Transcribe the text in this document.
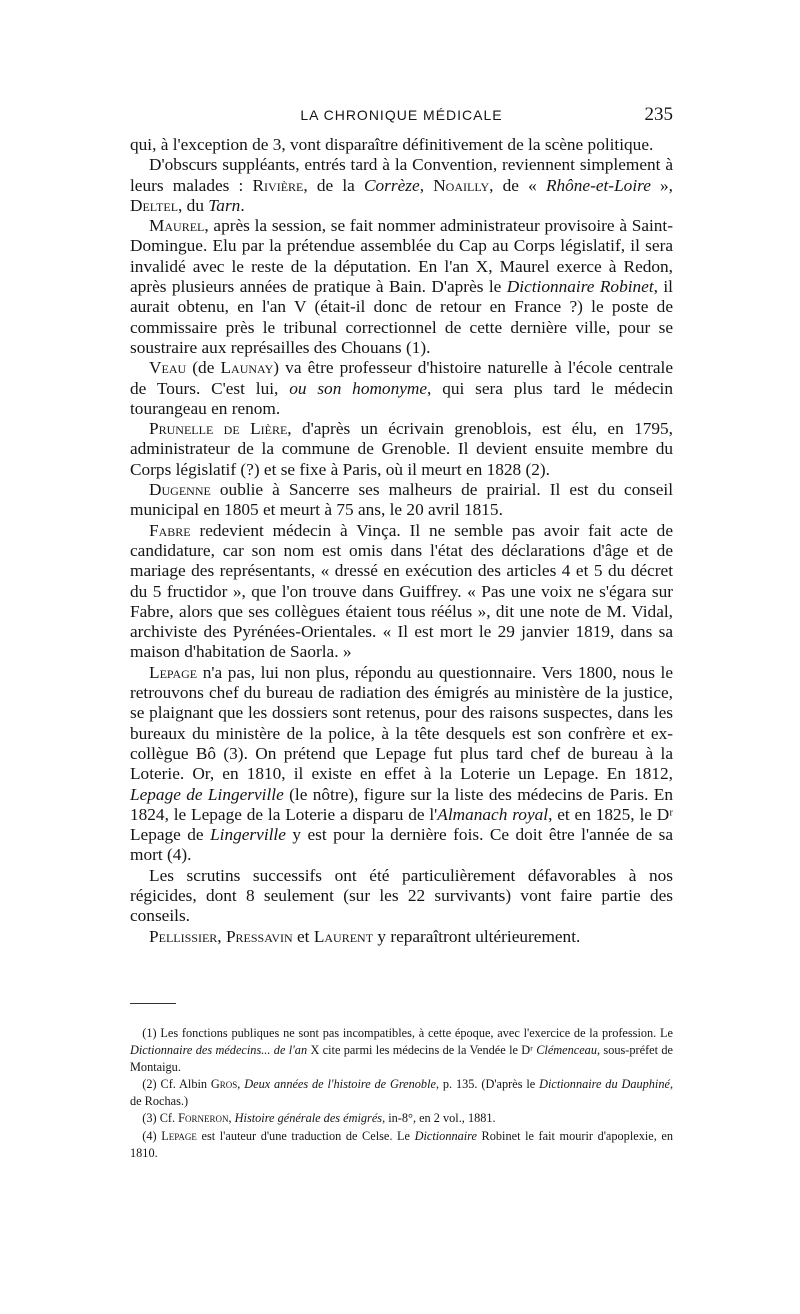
LA CHRONIQUE MÉDICALE	235

qui, à l'exception de 3, vont disparaître définitivement de la scène politique.

D'obscurs suppléants, entrés tard à la Convention, reviennent simplement à leurs malades : Rivière, de la Corrèze, Noailly, de « Rhône-et-Loire », Deltel, du Tarn.

Maurel, après la session, se fait nommer administrateur provisoire à Saint-Domingue. Elu par la prétendue assemblée du Cap au Corps législatif, il sera invalidé avec le reste de la députation. En l'an X, Maurel exerce à Redon, après plusieurs années de pratique à Bain. D'après le Dictionnaire Robinet, il aurait obtenu, en l'an V (était-il donc de retour en France ?) le poste de commissaire près le tribunal correctionnel de cette dernière ville, pour se soustraire aux représailles des Chouans (1).

Veau (de Launay) va être professeur d'histoire naturelle à l'école centrale de Tours. C'est lui, ou son homonyme, qui sera plus tard le médecin tourangeau en renom.

Prunelle de Lière, d'après un écrivain grenoblois, est élu, en 1795, administrateur de la commune de Grenoble. Il devient ensuite membre du Corps législatif (?) et se fixe à Paris, où il meurt en 1828 (2).

Dugenne oublie à Sancerre ses malheurs de prairial. Il est du conseil municipal en 1805 et meurt à 75 ans, le 20 avril 1815.

Fabre redevient médecin à Vinça. Il ne semble pas avoir fait acte de candidature, car son nom est omis dans l'état des déclarations d'âge et de mariage des représentants, « dressé en exécution des articles 4 et 5 du décret du 5 fructidor », que l'on trouve dans Guiffrey. « Pas une voix ne s'égara sur Fabre, alors que ses collègues étaient tous réélus », dit une note de M. Vidal, archiviste des Pyrénées-Orientales. « Il est mort le 29 janvier 1819, dans sa maison d'habitation de Saorla. »

Lepage n'a pas, lui non plus, répondu au questionnaire. Vers 1800, nous le retrouvons chef du bureau de radiation des émigrés au ministère de la justice, se plaignant que les dossiers sont retenus, pour des raisons suspectes, dans les bureaux du ministère de la police, à la tête desquels est son confrère et ex-collègue Bô (3). On prétend que Lepage fut plus tard chef de bureau à la Loterie. Or, en 1810, il existe en effet à la Loterie un Lepage. En 1812, Lepage de Lingerville (le nôtre), figure sur la liste des médecins de Paris. En 1824, le Lepage de la Loterie a disparu de l'Almanach royal, et en 1825, le Dʳ Lepage de Lingerville y est pour la dernière fois. Ce doit être l'année de sa mort (4).

Les scrutins successifs ont été particulièrement défavorables à nos régicides, dont 8 seulement (sur les 22 survivants) vont faire partie des conseils.

Pellissier, Pressavin et Laurent y reparaîtront ultérieurement.

(1) Les fonctions publiques ne sont pas incompatibles, à cette époque, avec l'exercice de la profession. Le Dictionnaire des médecins... de l'an X cite parmi les médecins de la Vendée le Dʳ Clémenceau, sous-préfet de Montaigu.

(2) Cf. Albin Gros, Deux années de l'histoire de Grenoble, p. 135. (D'après le Dictionnaire du Dauphiné, de Rochas.)

(3) Cf. Forneron, Histoire générale des émigrés, in-8°, en 2 vol., 1881.

(4) Lepage est l'auteur d'une traduction de Celse. Le Dictionnaire Robinet le fait mourir d'apoplexie, en 1810.
